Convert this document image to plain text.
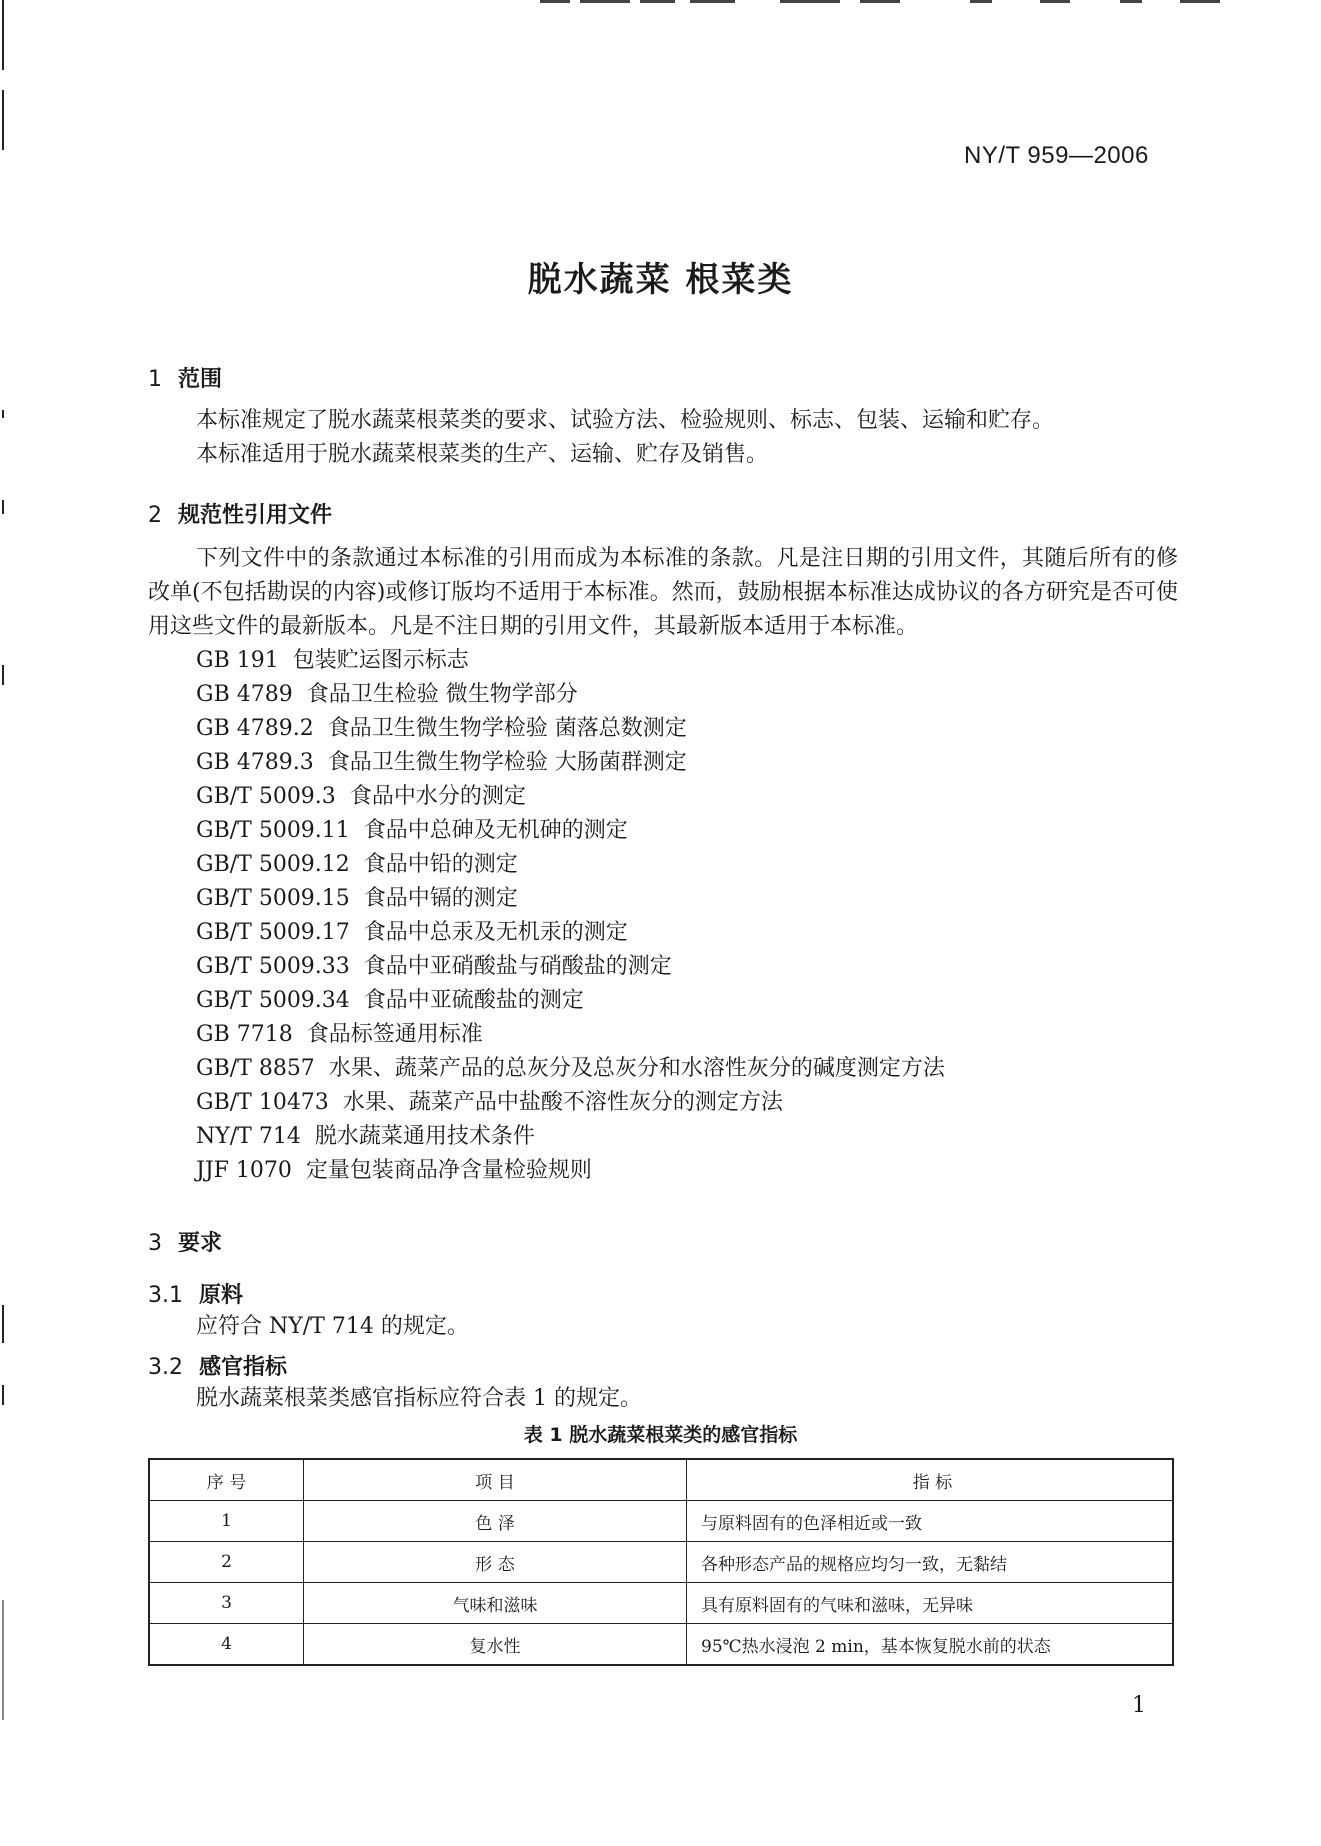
NY/T 959—2006
脱水蔬菜 根菜类
1 范围
本标准规定了脱水蔬菜根菜类的要求、试验方法、检验规则、标志、包装、运输和贮存。
本标准适用于脱水蔬菜根菜类的生产、运输、贮存及销售。
2 规范性引用文件

下列文件中的条款通过本标准的引用而成为本标准的条款。凡是注日期的引用文件，其随后所有的修改单(不包括勘误的内容)或修订版均不适用于本标准。然而，鼓励根据本标准达成协议的各方研究是否可使用这些文件的最新版本。凡是不注日期的引用文件，其最新版本适用于本标准。

GB 191 包装贮运图示标志
GB 4789 食品卫生检验 微生物学部分
GB 4789.2 食品卫生微生物学检验 菌落总数测定
GB 4789.3 食品卫生微生物学检验 大肠菌群测定
GB/T 5009.3 食品中水分的测定
GB/T 5009.11 食品中总砷及无机砷的测定
GB/T 5009.12 食品中铅的测定
GB/T 5009.15 食品中镉的测定
GB/T 5009.17 食品中总汞及无机汞的测定
GB/T 5009.33 食品中亚硝酸盐与硝酸盐的测定
GB/T 5009.34 食品中亚硫酸盐的测定
GB 7718 食品标签通用标准
GB/T 8857 水果、蔬菜产品的总灰分及总灰分和水溶性灰分的碱度测定方法
GB/T 10473 水果、蔬菜产品中盐酸不溶性灰分的测定方法
NY/T 714 脱水蔬菜通用技术条件
JJF 1070 定量包装商品净含量检验规则
3 要求
3.1 原料
应符合 NY/T 714 的规定。
3.2 感官指标
脱水蔬菜根菜类感官指标应符合表 1 的规定。
表 1 脱水蔬菜根菜类的感官指标
序 号	项 目	指 标
1	色 泽	与原料固有的色泽相近或一致
2	形 态	各种形态产品的规格应均匀一致，无黏结
3	气味和滋味	具有原料固有的气味和滋味，无异味
4	复水性	95℃热水浸泡 2 min，基本恢复脱水前的状态
1
